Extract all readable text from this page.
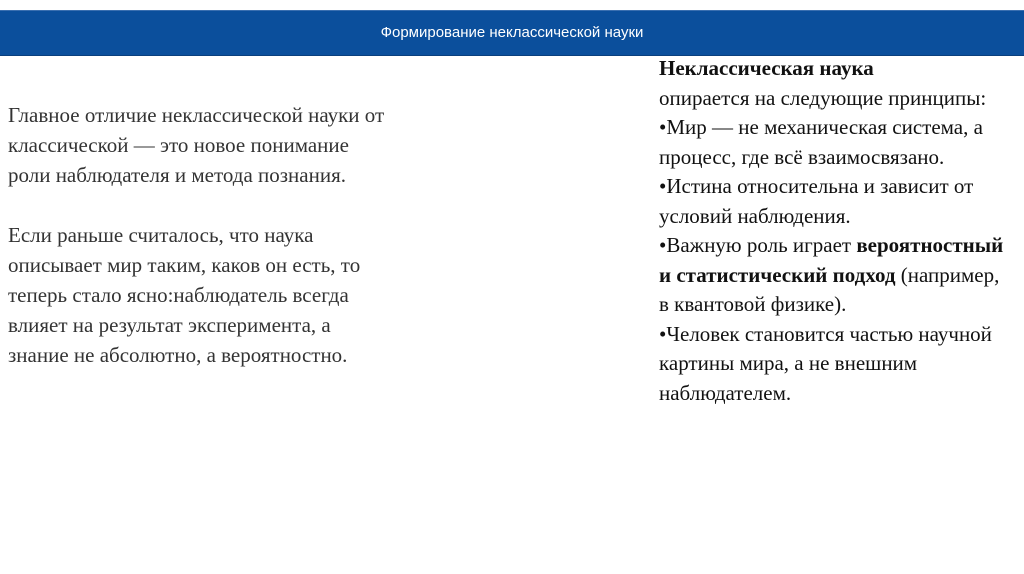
Формирование неклассической науки

Главное отличие неклассической науки от классической — это новое понимание роли наблюдателя и метода познания.

Если раньше считалось, что наука описывает мир таким, каков он есть, то теперь стало ясно:наблюдатель всегда влияет на результат эксперимента, а знание не абсолютно, а вероятностно.

Неклассическая наука
опирается на следующие принципы:
•Мир — не механическая система, а процесс, где всё взаимосвязано.
•Истина относительна и зависит от условий наблюдения.
•Важную роль играет вероятностный и статистический подход (например, в квантовой физике).
•Человек становится частью научной картины мира, а не внешним наблюдателем.
